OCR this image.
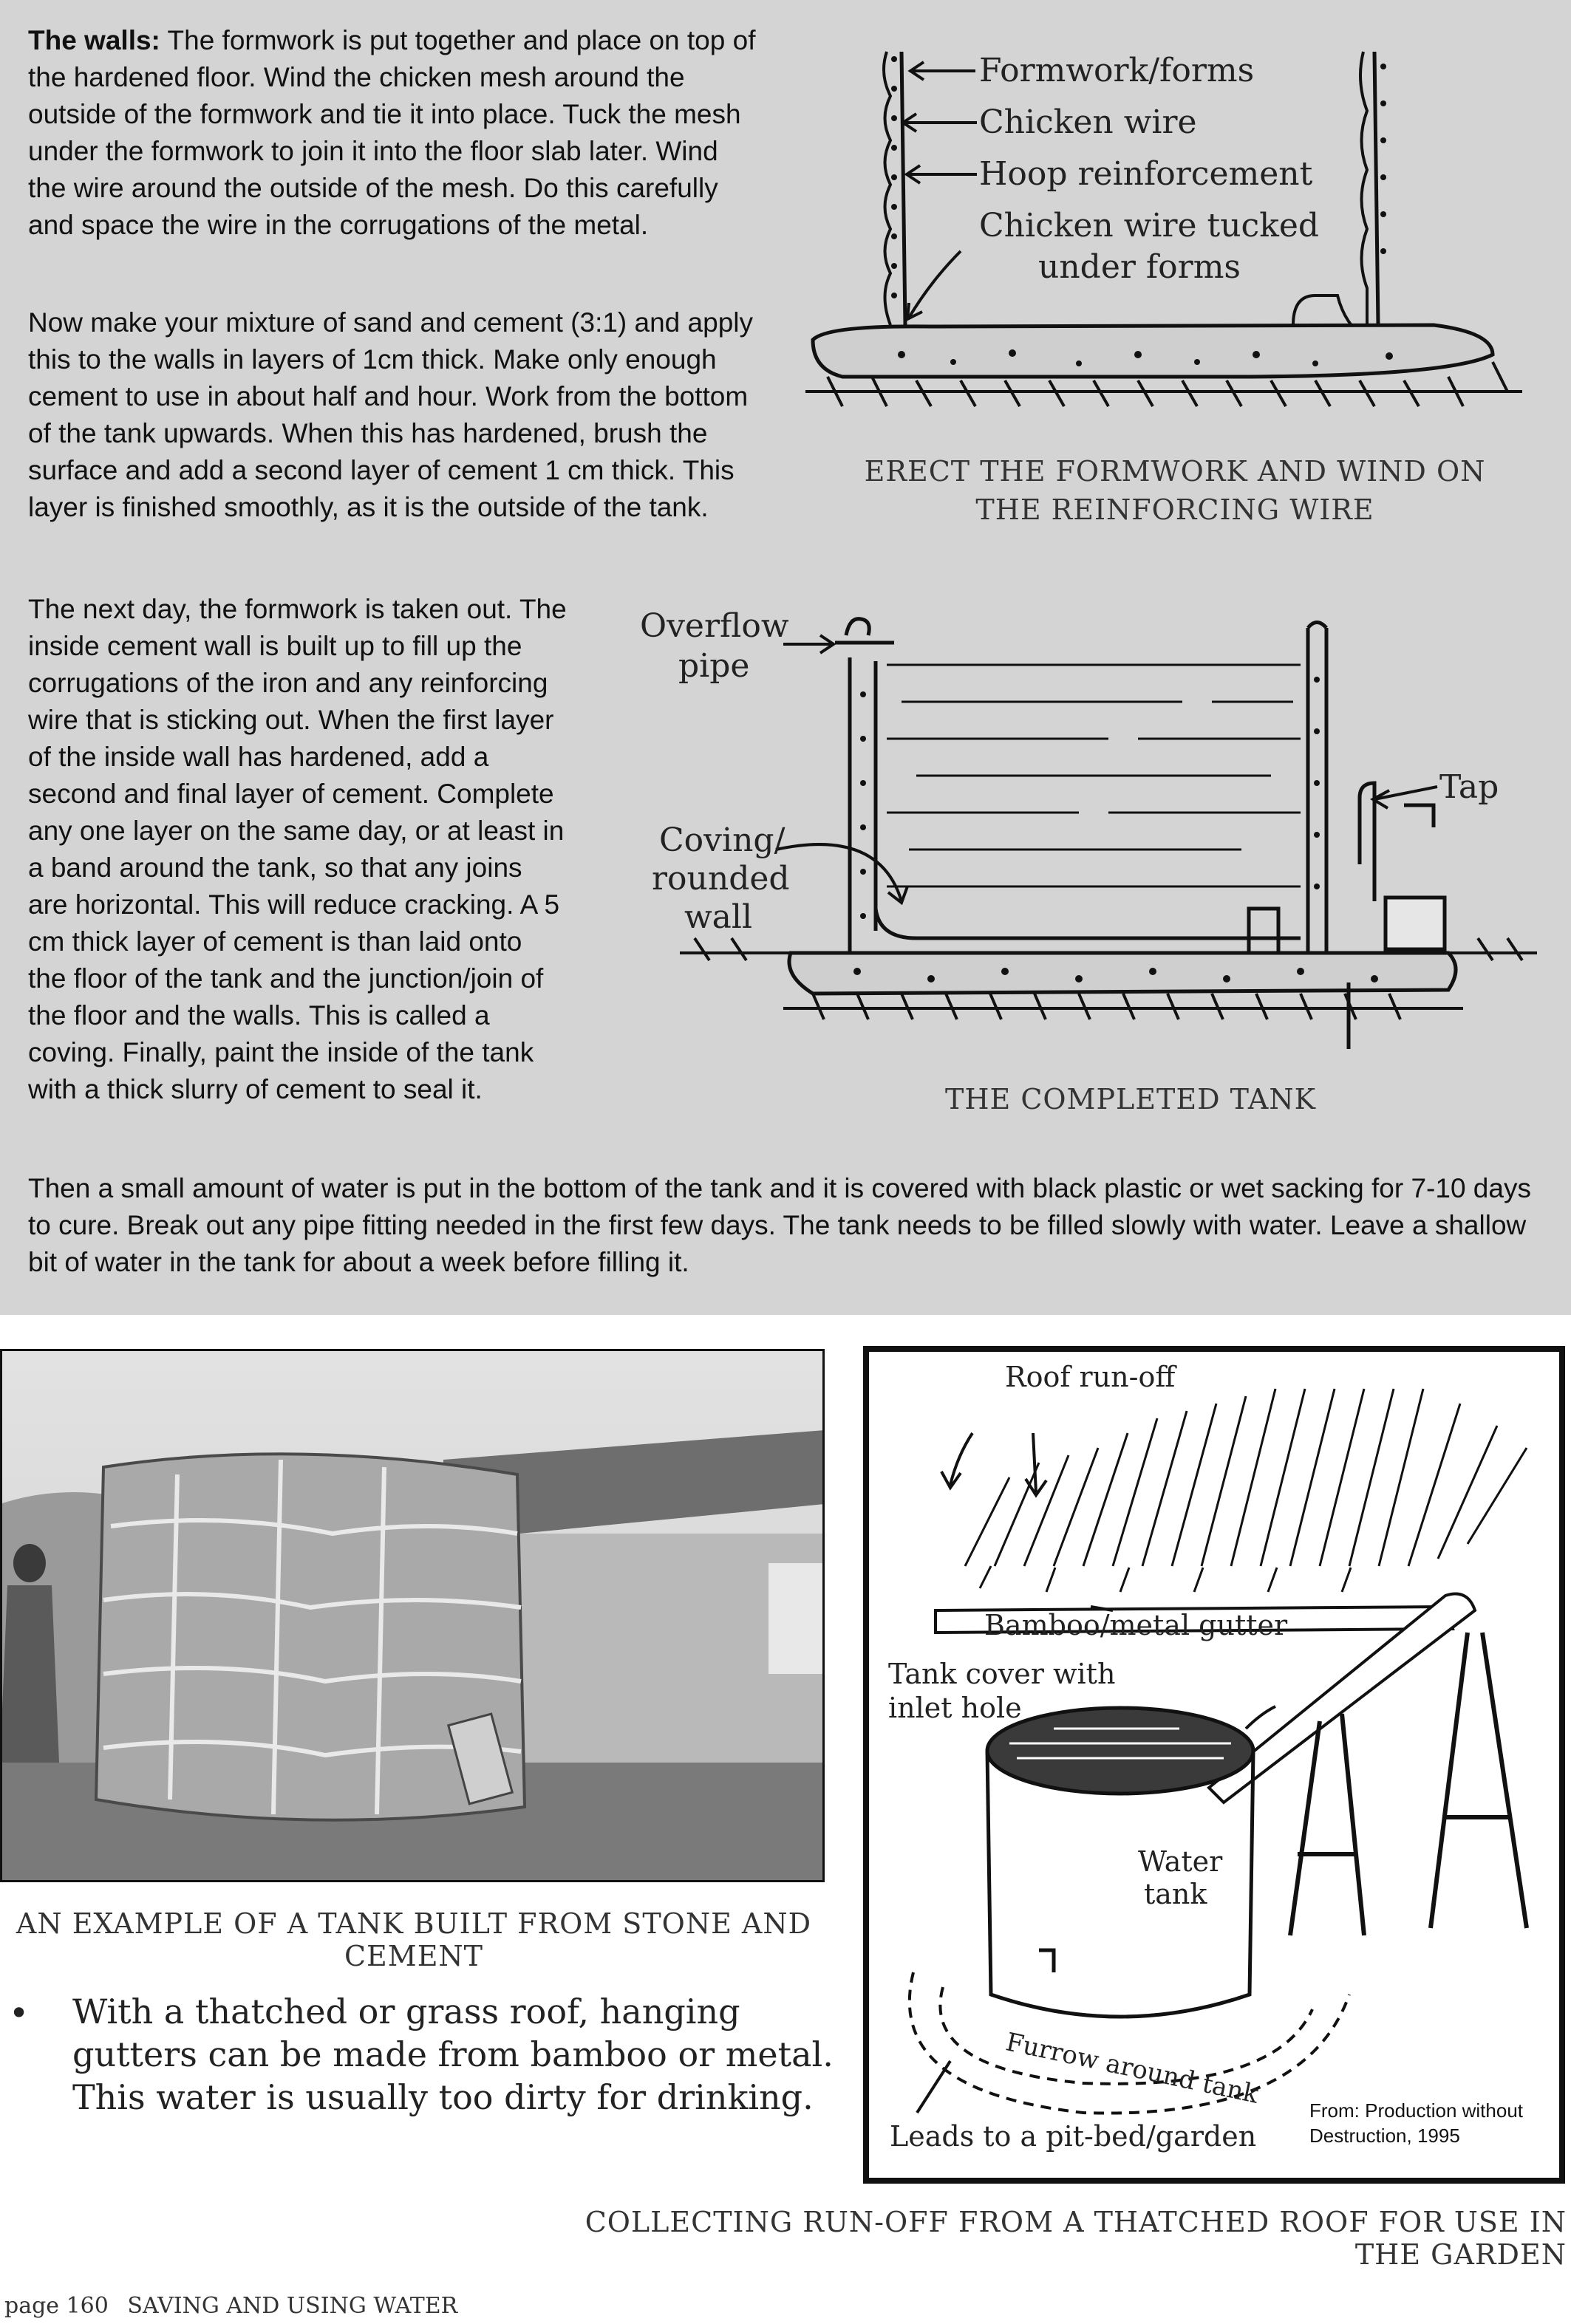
The walls: The formwork is put together and place on top of the hardened floor. Wind the chicken mesh around the outside of the formwork and tie it into place. Tuck the mesh under the formwork to join it into the floor slab later. Wind the wire around the outside of the mesh. Do this carefully and space the wire in the corrugations of the metal.

Now make your mixture of sand and cement (3:1) and apply this to the walls in layers of 1cm thick. Make only enough cement to use in about half and hour. Work from the bottom of the tank upwards. When this has hardened, brush the surface and add a second layer of cement 1 cm thick. This layer is finished smoothly, as it is the outside of the tank.

The next day, the formwork is taken out. The inside cement wall is built up to fill up the corrugations of the iron and any reinforcing wire that is sticking out. When the first layer of the inside wall has hardened, add a second and final layer of cement. Complete any one layer on the same day, or at least in a band around the tank, so that any joins are horizontal. This will reduce cracking. A 5 cm thick layer of cement is than laid onto the floor of the tank and the junction/join of the floor and the walls. This is called a coving. Finally, paint the inside of the tank with a thick slurry of cement to seal it.

Then a small amount of water is put in the bottom of the tank and it is covered with black plastic or wet sacking for 7-10 days to cure. Break out any pipe fitting needed in the first few days. The tank needs to be filled slowly with water. Leave a shallow bit of water in the tank for about a week before filling it.

Formwork/forms
Chicken wire
Hoop reinforcement
Chicken wire tucked
under forms
ERECT THE FORMWORK AND WIND ON
THE REINFORCING WIRE
Overflow
pipe
Tap
Coving/
rounded
wall
THE COMPLETED TANK
AN EXAMPLE OF A TANK BUILT FROM STONE AND CEMENT
• With a thatched or grass roof, hanging
gutters can be made from bamboo or metal.
This water is usually too dirty for drinking.
Roof run-off
Bamboo/metal gutter
Tank cover with
inlet hole
Water
tank
Furrow around tank
Leads to a pit-bed/garden
From: Production without
Destruction, 1995
COLLECTING RUN-OFF FROM A THATCHED ROOF FOR USE IN THE GARDEN
page 160 SAVING AND USING WATER
